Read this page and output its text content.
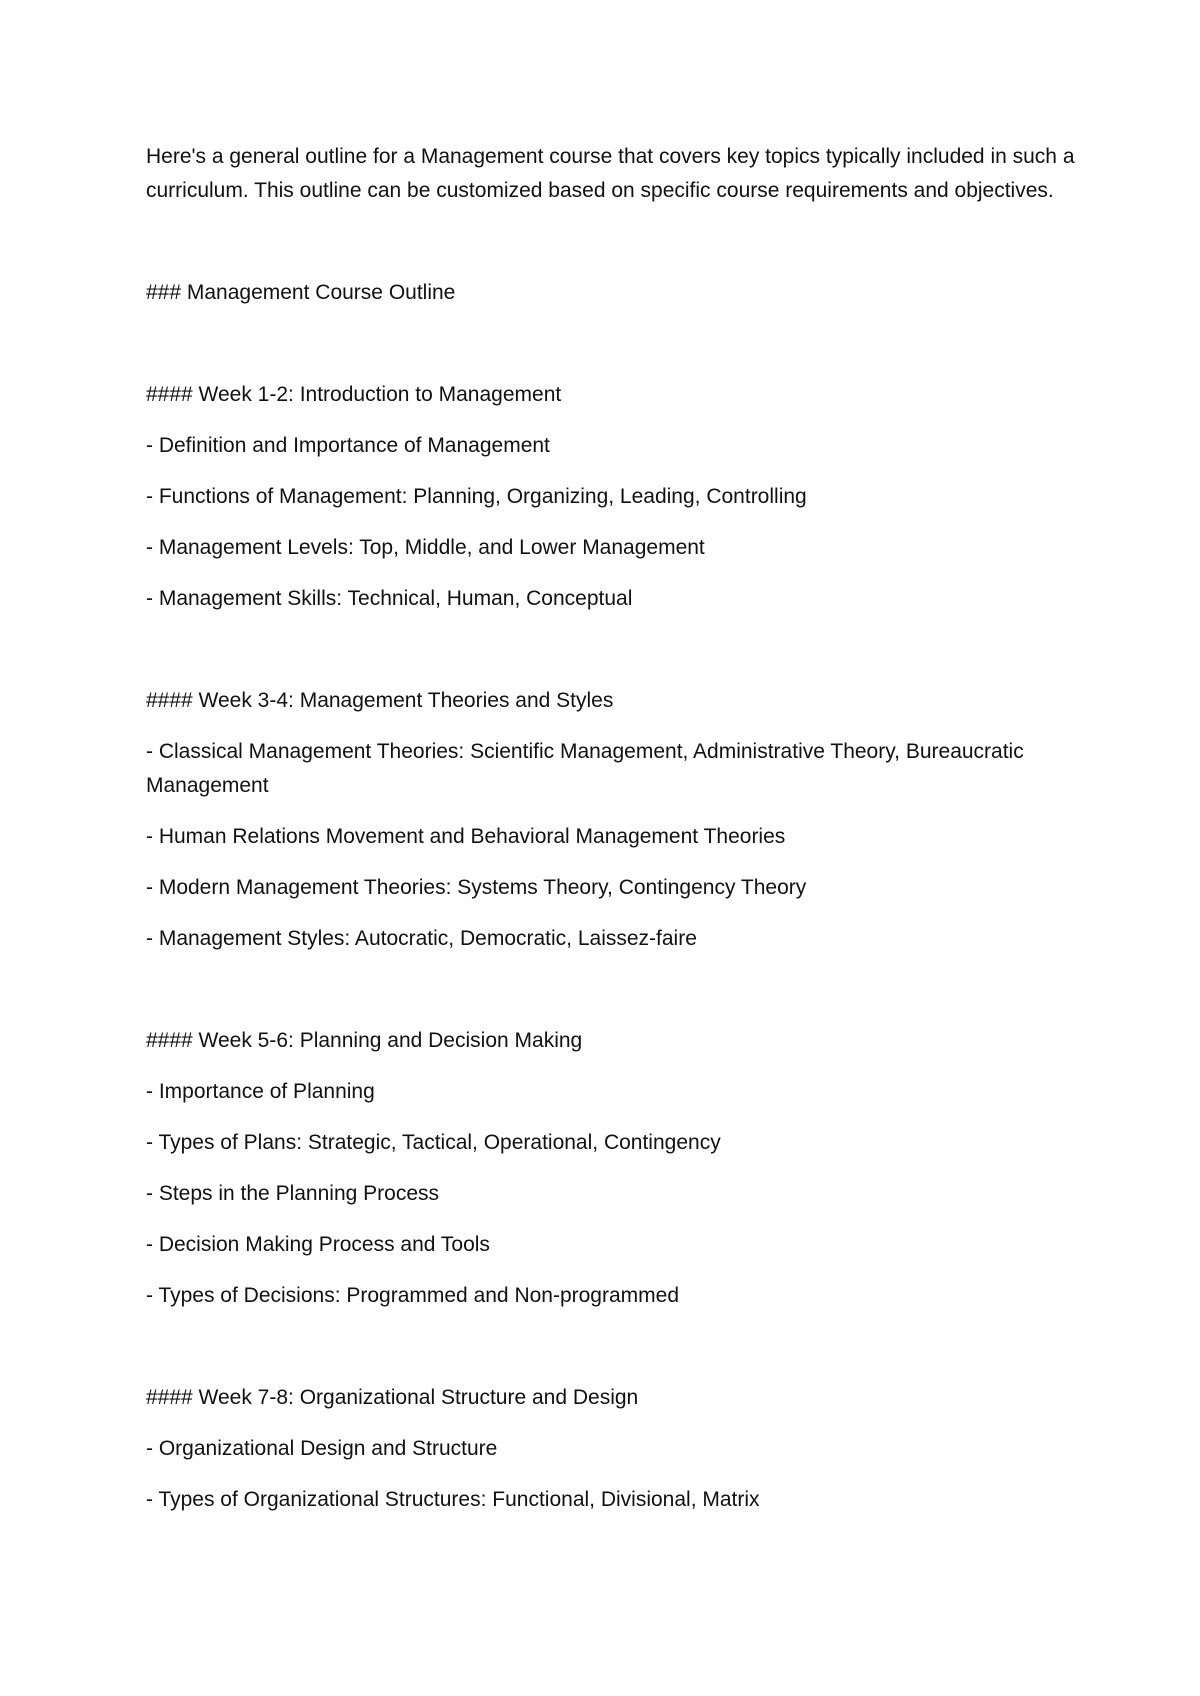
Here's a general outline for a Management course that covers key topics typically included in such a curriculum. This outline can be customized based on specific course requirements and objectives.

### Management Course Outline

#### Week 1-2: Introduction to Management

- Definition and Importance of Management

- Functions of Management: Planning, Organizing, Leading, Controlling

- Management Levels: Top, Middle, and Lower Management

- Management Skills: Technical, Human, Conceptual

#### Week 3-4: Management Theories and Styles

- Classical Management Theories: Scientific Management, Administrative Theory, Bureaucratic Management

- Human Relations Movement and Behavioral Management Theories

- Modern Management Theories: Systems Theory, Contingency Theory

- Management Styles: Autocratic, Democratic, Laissez-faire

#### Week 5-6: Planning and Decision Making

- Importance of Planning

- Types of Plans: Strategic, Tactical, Operational, Contingency

- Steps in the Planning Process

- Decision Making Process and Tools

- Types of Decisions: Programmed and Non-programmed

#### Week 7-8: Organizational Structure and Design

- Organizational Design and Structure

- Types of Organizational Structures: Functional, Divisional, Matrix
